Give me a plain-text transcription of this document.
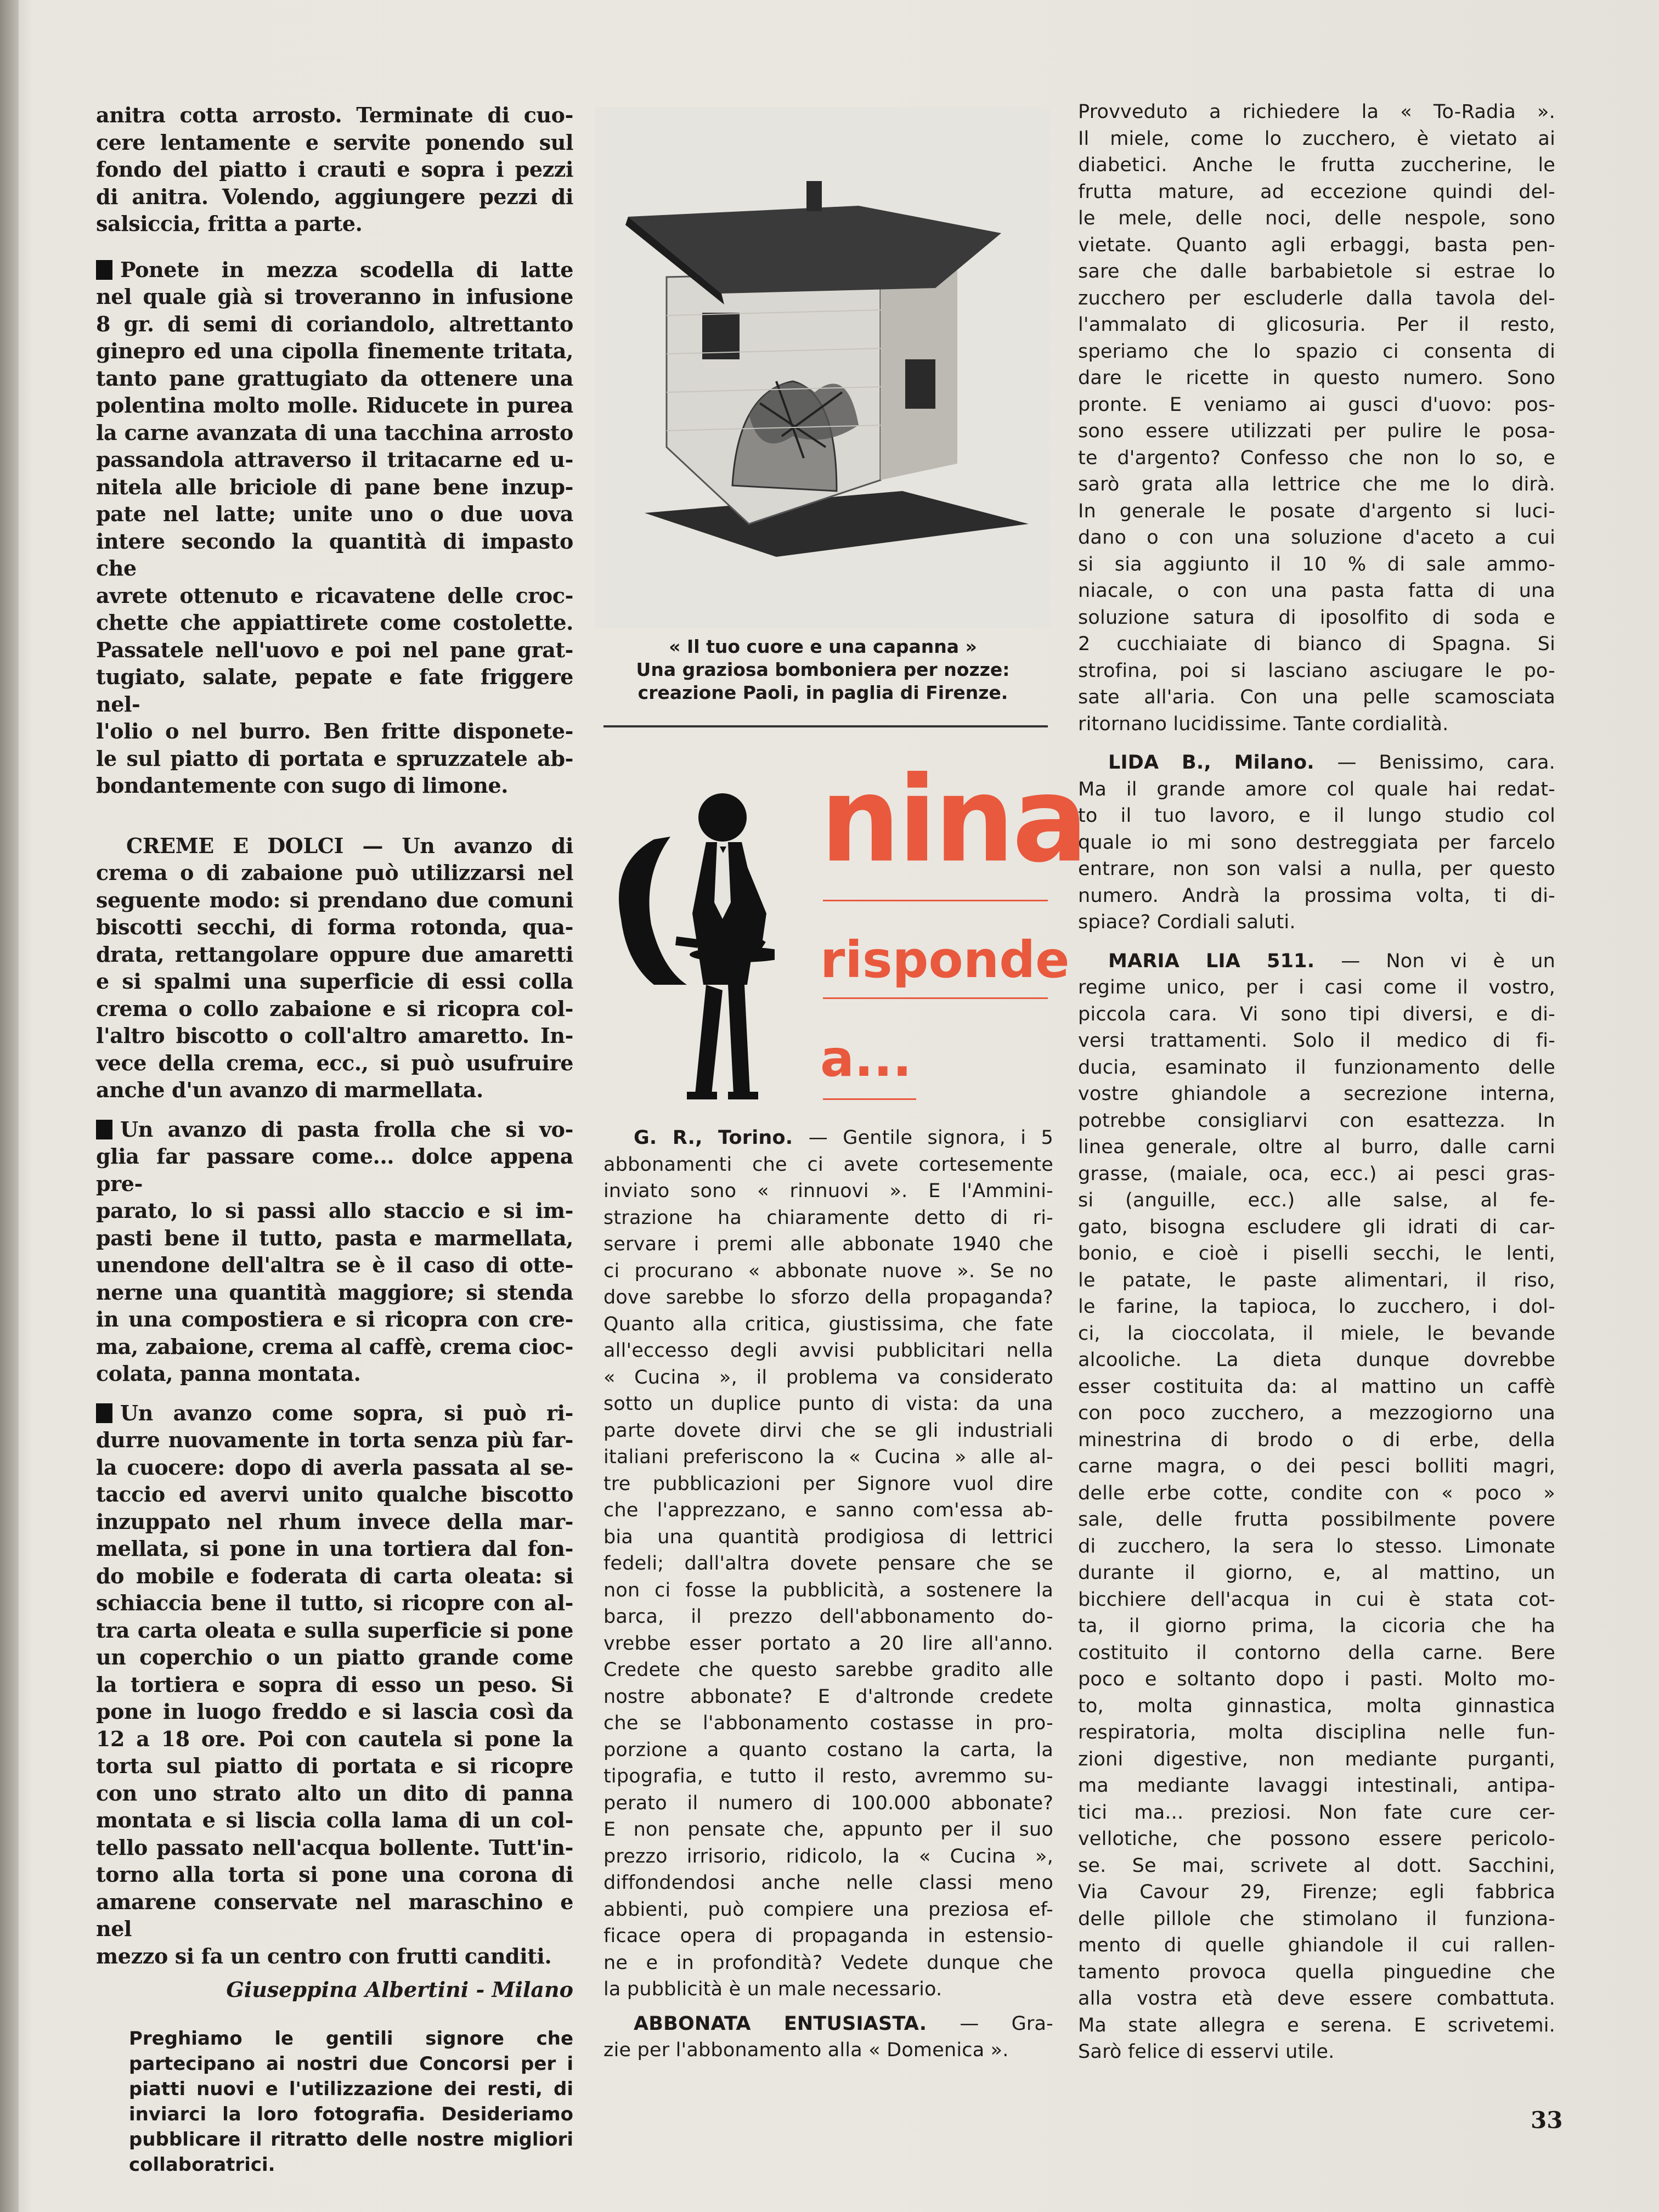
anitra cotta arrosto. Terminate di cuo-

cere lentamente e servite ponendo sul

fondo del piatto i crauti e sopra i pezzi

di anitra. Volendo, aggiungere pezzi di

salsiccia, fritta a parte.

Ponete in mezza scodella di latte

nel quale già si troveranno in infusione

8 gr. di semi di coriandolo, altrettanto

ginepro ed una cipolla finemente tritata,

tanto pane grattugiato da ottenere una

polentina molto molle. Riducete in purea

la carne avanzata di una tacchina arrosto

passandola attraverso il tritacarne ed u-

nitela alle briciole di pane bene inzup-

pate nel latte; unite uno o due uova

intere secondo la quantità di impasto che

avrete ottenuto e ricavatene delle croc-

chette che appiattirete come costolette.

Passatele nell'uovo e poi nel pane grat-

tugiato, salate, pepate e fate friggere nel-

l'olio o nel burro. Ben fritte disponete-

le sul piatto di portata e spruzzatele ab-

bondantemente con sugo di limone.

CREME E DOLCI — Un avanzo di

crema o di zabaione può utilizzarsi nel

seguente modo: si prendano due comuni

biscotti secchi, di forma rotonda, qua-

drata, rettangolare oppure due amaretti

e si spalmi una superficie di essi colla

crema o collo zabaione e si ricopra col-

l'altro biscotto o coll'altro amaretto. In-

vece della crema, ecc., si può usufruire

anche d'un avanzo di marmellata.

Un avanzo di pasta frolla che si vo-

glia far passare come... dolce appena pre-

parato, lo si passi allo staccio e si im-

pasti bene il tutto, pasta e marmellata,

unendone dell'altra se è il caso di otte-

nerne una quantità maggiore; si stenda

in una compostiera e si ricopra con cre-

ma, zabaione, crema al caffè, crema cioc-

colata, panna montata.

Un avanzo come sopra, si può ri-

durre nuovamente in torta senza più far-

la cuocere: dopo di averla passata al se-

taccio ed avervi unito qualche biscotto

inzuppato nel rhum invece della mar-

mellata, si pone in una tortiera dal fon-

do mobile e foderata di carta oleata: si

schiaccia bene il tutto, si ricopre con al-

tra carta oleata e sulla superficie si pone

un coperchio o un piatto grande come

la tortiera e sopra di esso un peso. Si

pone in luogo freddo e si lascia così da

12 a 18 ore. Poi con cautela si pone la

torta sul piatto di portata e si ricopre

con uno strato alto un dito di panna

montata e si liscia colla lama di un col-

tello passato nell'acqua bollente. Tutt'in-

torno alla torta si pone una corona di

amarene conservate nel maraschino e nel

mezzo si fa un centro con frutti canditi.

Giuseppina Albertini - Milano

Preghiamo le gentili signore che partecipano ai nostri due Concorsi per i piatti nuovi e l'utilizzazione dei resti, di inviarci la loro fotografia. Desideriamo pubblicare il ritratto delle nostre migliori collaboratrici.

« Il tuo cuore e una capanna »
Una graziosa bomboniera per nozze:
creazione Paoli, in paglia di Firenze.
nina
risponde
a...

G. R., Torino. — Gentile signora, i 5

abbonamenti che ci avete cortesemente

inviato sono « rinnuovi ». E l'Ammini-

strazione ha chiaramente detto di ri-

servare i premi alle abbonate 1940 che

ci procurano « abbonate nuove ». Se no

dove sarebbe lo sforzo della propaganda?

Quanto alla critica, giustissima, che fate

all'eccesso degli avvisi pubblicitari nella

« Cucina », il problema va considerato

sotto un duplice punto di vista: da una

parte dovete dirvi che se gli industriali

italiani preferiscono la « Cucina » alle al-

tre pubblicazioni per Signore vuol dire

che l'apprezzano, e sanno com'essa ab-

bia una quantità prodigiosa di lettrici

fedeli; dall'altra dovete pensare che se

non ci fosse la pubblicità, a sostenere la

barca, il prezzo dell'abbonamento do-

vrebbe esser portato a 20 lire all'anno.

Credete che questo sarebbe gradito alle

nostre abbonate? E d'altronde credete

che se l'abbonamento costasse in pro-

porzione a quanto costano la carta, la

tipografia, e tutto il resto, avremmo su-

perato il numero di 100.000 abbonate?

E non pensate che, appunto per il suo

prezzo irrisorio, ridicolo, la « Cucina »,

diffondendosi anche nelle classi meno

abbienti, può compiere una preziosa ef-

ficace opera di propaganda in estensio-

ne e in profondità? Vedete dunque che

la pubblicità è un male necessario.

ABBONATA ENTUSIASTA. — Gra-

zie per l'abbonamento alla « Domenica ».

Provveduto a richiedere la « To-Radia ».

Il miele, come lo zucchero, è vietato ai

diabetici. Anche le frutta zuccherine, le

frutta mature, ad eccezione quindi del-

le mele, delle noci, delle nespole, sono

vietate. Quanto agli erbaggi, basta pen-

sare che dalle barbabietole si estrae lo

zucchero per escluderle dalla tavola del-

l'ammalato di glicosuria. Per il resto,

speriamo che lo spazio ci consenta di

dare le ricette in questo numero. Sono

pronte. E veniamo ai gusci d'uovo: pos-

sono essere utilizzati per pulire le posa-

te d'argento? Confesso che non lo so, e

sarò grata alla lettrice che me lo dirà.

In generale le posate d'argento si luci-

dano o con una soluzione d'aceto a cui

si sia aggiunto il 10 % di sale ammo-

niacale, o con una pasta fatta di una

soluzione satura di iposolfito di soda e

2 cucchiaiate di bianco di Spagna. Si

strofina, poi si lasciano asciugare le po-

sate all'aria. Con una pelle scamosciata

ritornano lucidissime. Tante cordialità.

LIDA B., Milano. — Benissimo, cara.

Ma il grande amore col quale hai redat-

to il tuo lavoro, e il lungo studio col

quale io mi sono destreggiata per farcelo

entrare, non son valsi a nulla, per questo

numero. Andrà la prossima volta, ti di-

spiace? Cordiali saluti.

MARIA LIA 511. — Non vi è un

regime unico, per i casi come il vostro,

piccola cara. Vi sono tipi diversi, e di-

versi trattamenti. Solo il medico di fi-

ducia, esaminato il funzionamento delle

vostre ghiandole a secrezione interna,

potrebbe consigliarvi con esattezza. In

linea generale, oltre al burro, dalle carni

grasse, (maiale, oca, ecc.) ai pesci gras-

si (anguille, ecc.) alle salse, al fe-

gato, bisogna escludere gli idrati di car-

bonio, e cioè i piselli secchi, le lenti,

le patate, le paste alimentari, il riso,

le farine, la tapioca, lo zucchero, i dol-

ci, la cioccolata, il miele, le bevande

alcooliche. La dieta dunque dovrebbe

esser costituita da: al mattino un caffè

con poco zucchero, a mezzogiorno una

minestrina di brodo o di erbe, della

carne magra, o dei pesci bolliti magri,

delle erbe cotte, condite con « poco »

sale, delle frutta possibilmente povere

di zucchero, la sera lo stesso. Limonate

durante il giorno, e, al mattino, un

bicchiere dell'acqua in cui è stata cot-

ta, il giorno prima, la cicoria che ha

costituito il contorno della carne. Bere

poco e soltanto dopo i pasti. Molto mo-

to, molta ginnastica, molta ginnastica

respiratoria, molta disciplina nelle fun-

zioni digestive, non mediante purganti,

ma mediante lavaggi intestinali, antipa-

tici ma... preziosi. Non fate cure cer-

vellotiche, che possono essere pericolo-

se. Se mai, scrivete al dott. Sacchini,

Via Cavour 29, Firenze; egli fabbrica

delle pillole che stimolano il funziona-

mento di quelle ghiandole il cui rallen-

tamento provoca quella pinguedine che

alla vostra età deve essere combattuta.

Ma state allegra e serena. E scrivetemi.

Sarò felice di esservi utile.

33
